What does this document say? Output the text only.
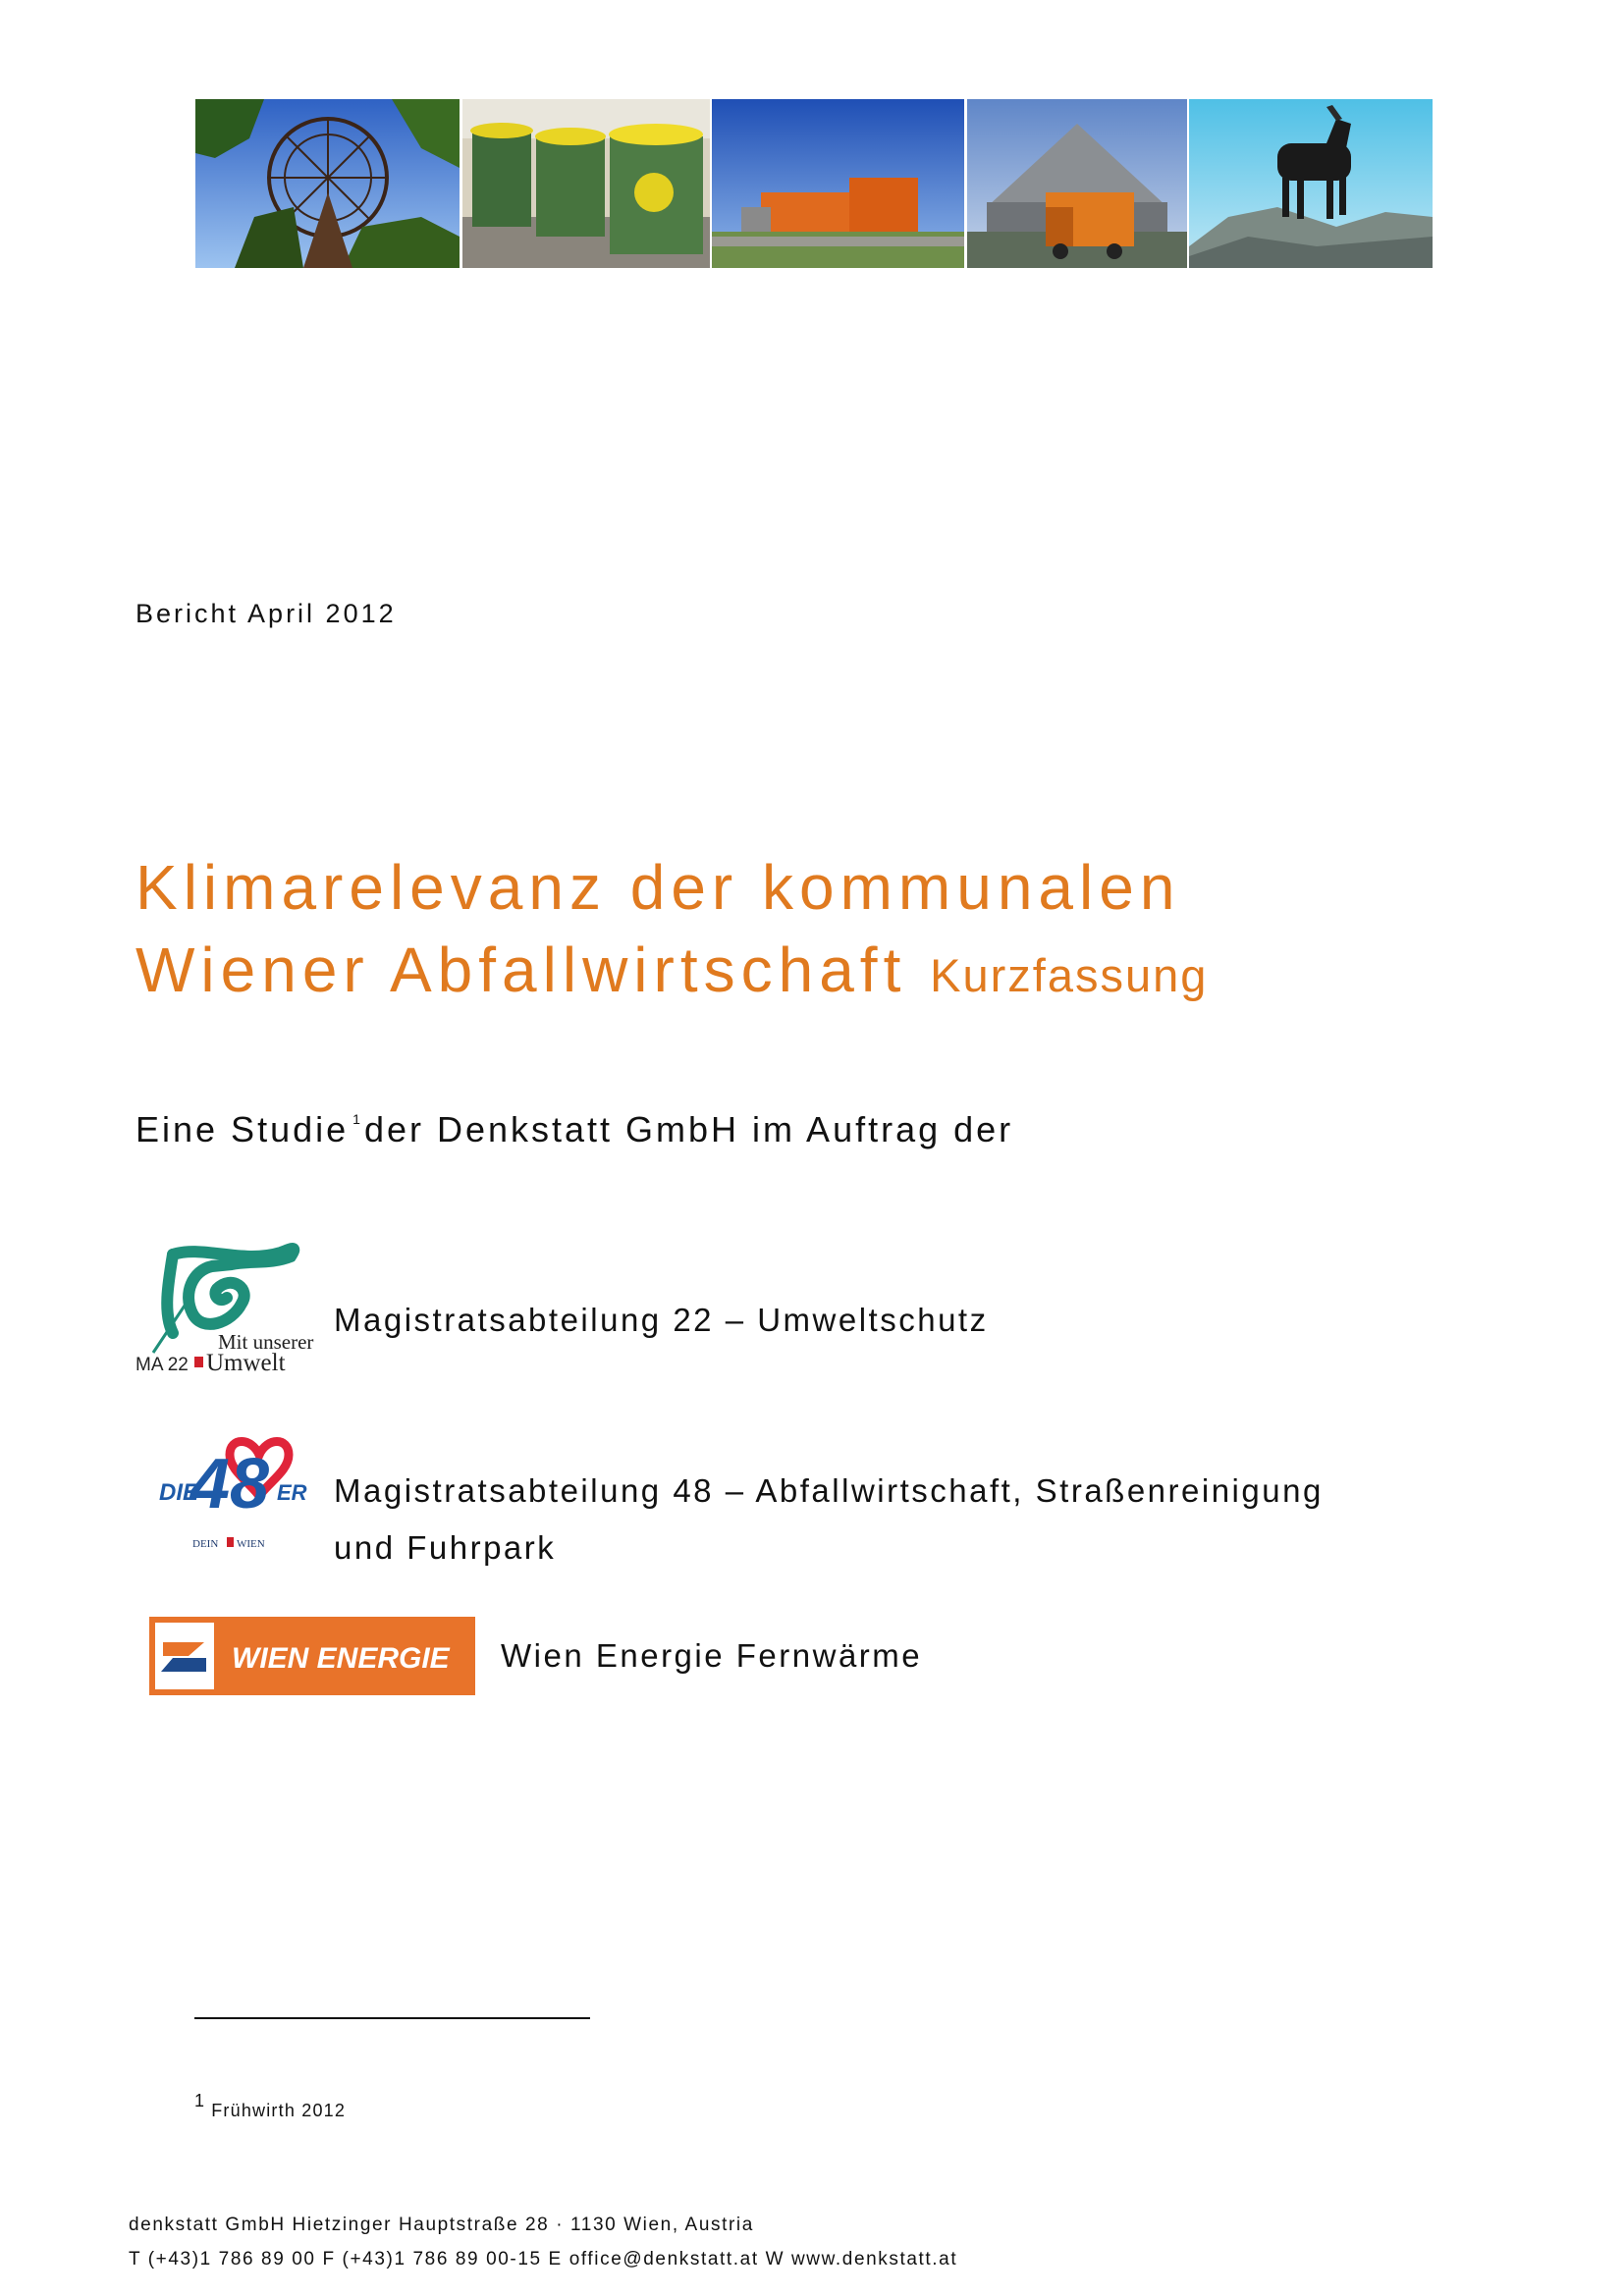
Bericht April 2012
Klimarelevanz der kommunalen
Wiener Abfallwirtschaft Kurzfassung
Eine Studie $^1$ der Denkstatt GmbH im Auftrag der
Mit unserer
MA 22 Umwelt
Magistratsabteilung 22 – Umweltschutz
48
DIE	ER
DEIN WIEN
Magistratsabteilung 48 – Abfallwirtschaft, Straßenreinigung
und Fuhrpark
WIEN ENERGIE Wien Energie Fernwärme
$^1$ Frühwirth 2012
denkstatt GmbH Hietzinger Hauptstraße 28 · 1130 Wien, Austria
T (+43)1 786 89 00 F (+43)1 786 89 00-15 E office@denkstatt.at W www.denkstatt.at
